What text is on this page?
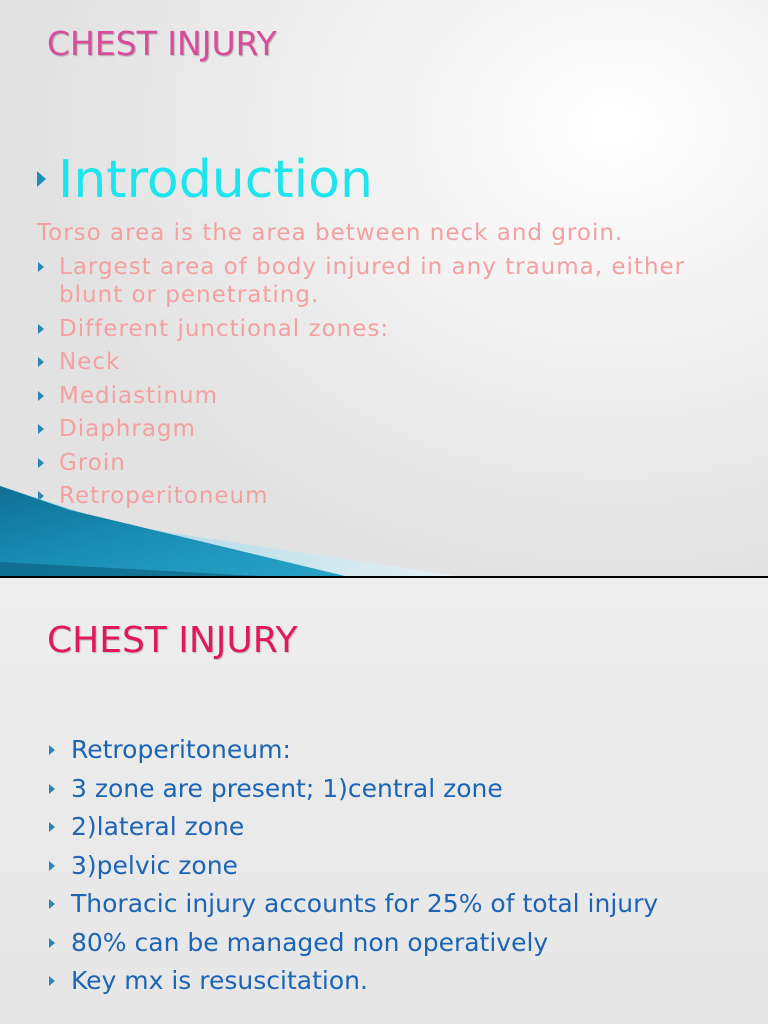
CHEST INJURY
Introduction

Torso area is the area between neck and groin.

Largest area of body injured in any trauma, either blunt or penetrating.
Different junctional zones:
Neck
Mediastinum
Diaphragm
Groin
Retroperitoneum
CHEST INJURY
Retroperitoneum:
3 zone are present; 1)central zone
2)lateral zone
3)pelvic zone
Thoracic injury accounts for 25% of total injury
80% can be managed non operatively
Key mx is resuscitation.
